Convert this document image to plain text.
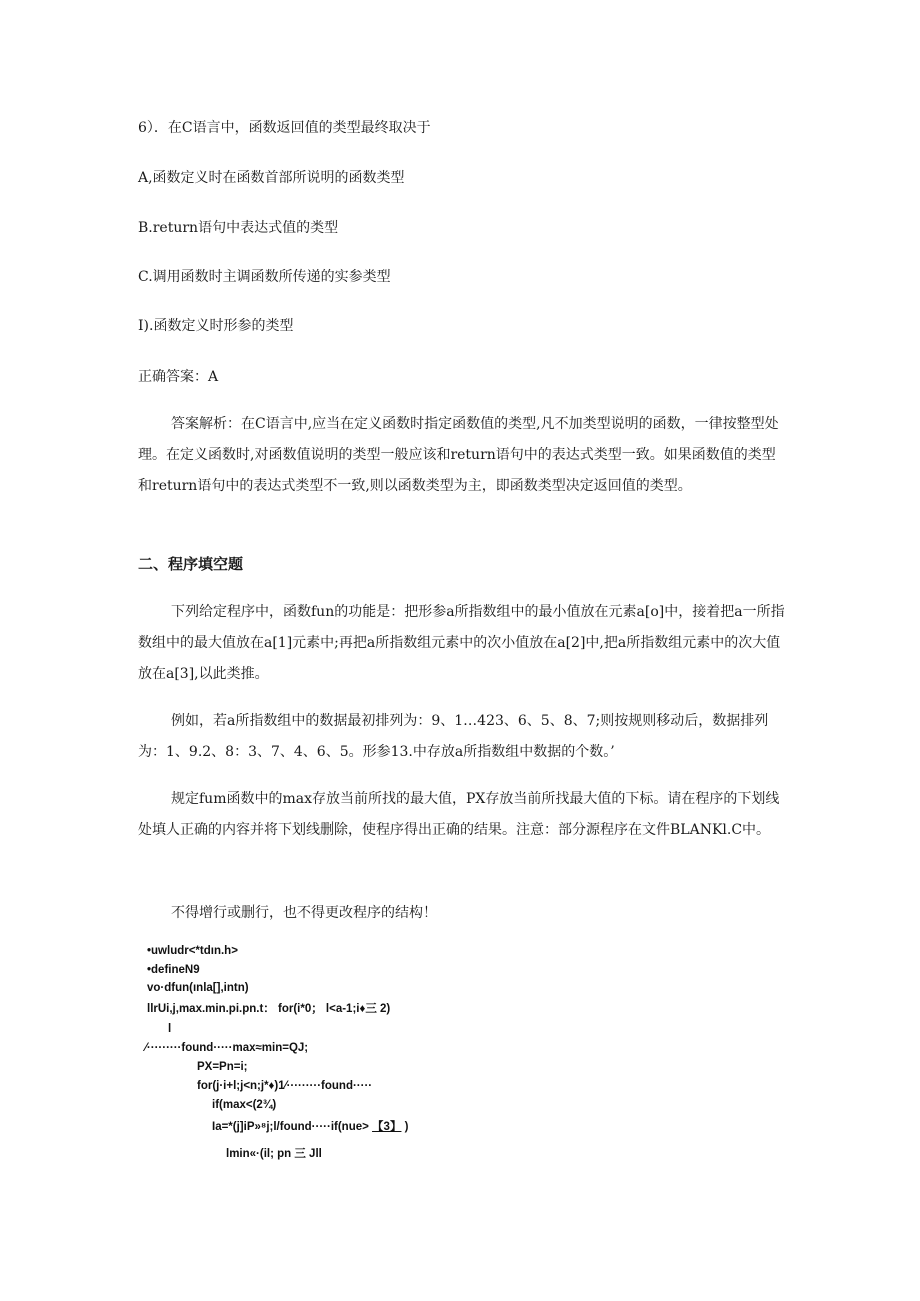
6）．在C语言中，函数返回值的类型最终取决于

A,函数定义时在函数首部所说明的函数类型

B.return语句中表达式值的类型

C.调用函数时主调函数所传递的实参类型

I).函数定义时形参的类型

正确答案：A

答案解析：在C语言中,应当在定义函数时指定函数值的类型,凡不加类型说明的函数，一律按整型处理。在定义函数时,对函数值说明的类型一般应该和return语句中的表达式类型一致。如果函数值的类型和return语句中的表达式类型不一致,则以函数类型为主，即函数类型决定返回值的类型。

二、程序填空题

下列给定程序中，函数fun的功能是：把形参a所指数组中的最小值放在元素a[o]中，接着把a一所指数组中的最大值放在a[1]元素中;再把a所指数组元素中的次小值放在a[2]中,把a所指数组元素中的次大值放在a[3],以此类推。

例如，若a所指数组中的数据最初排列为：9、1…423、6、5、8、7;则按规则移动后，数据排列为：1、9.2、8：3、7、4、6、5。形参13.中存放a所指数组中数据的个数。’

规定fum函数中的max存放当前所找的最大值，PX存放当前所找最大值的下标。请在程序的下划线处填人正确的内容并将下划线删除，使程序得出正确的结果。注意：部分源程序在文件BLANKl.C中。

不得增行或删行，也不得更改程序的结构！

•uwludr<*tdın.h>
•defineN9
vo·dfun(ınla[],intn)
llrUi,j,max.min.pi.pn.t： for(i*0； l<a-1;i♦三 2)
l
⁄·········found·····max≈min=QJ;
PX=Pn=i;
for(j·i+l;j<n;j*♦)1⁄·········found·····
if(max<(2¾)
Ia=*(j]iP»⁸j;l/found·····if(nue> 【3】 )
lmin«·(il; pn 三 Jll
